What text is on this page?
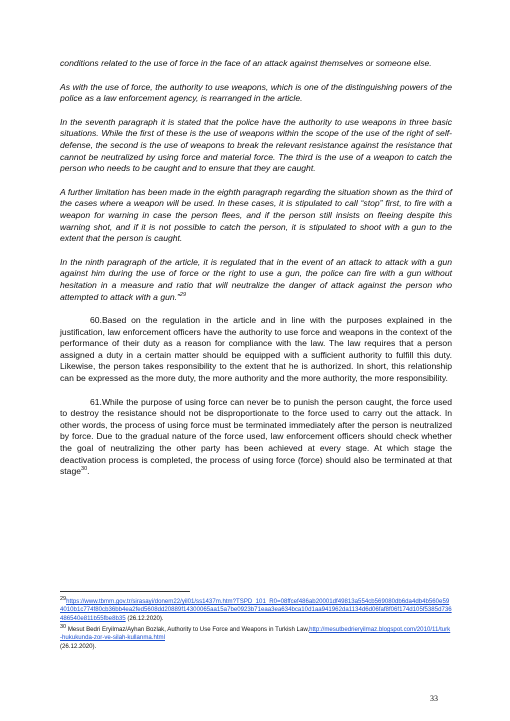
conditions related to the use of force in the face of an attack against themselves or someone else.

As with the use of force, the authority to use weapons, which is one of the distinguishing powers of the police as a law enforcement agency, is rearranged in the article.

In the seventh paragraph it is stated that the police have the authority to use weapons in three basic situations. While the first of these is the use of weapons within the scope of the use of the right of self-defense, the second is the use of weapons to break the relevant resistance against the resistance that cannot be neutralized by using force and material force. The third is the use of a weapon to catch the person who needs to be caught and to ensure that they are caught.

A further limitation has been made in the eighth paragraph regarding the situation shown as the third of the cases where a weapon will be used. In these cases, it is stipulated to call “stop” first, to fire with a weapon for warning in case the person flees, and if the person still insists on fleeing despite this warning shot, and if it is not possible to catch the person, it is stipulated to shoot with a gun to the extent that the person is caught.

In the ninth paragraph of the article, it is regulated that in the event of an attack to attack with a gun against him during the use of force or the right to use a gun, the police can fire with a gun without hesitation in a measure and ratio that will neutralize the danger of attack against the person who attempted to attack with a gun.”$^{29}$

60.Based on the regulation in the article and in line with the purposes explained in the justification, law enforcement officers have the authority to use force and weapons in the context of the performance of their duty as a reason for compliance with the law. The law requires that a person assigned a duty in a certain matter should be equipped with a sufficient authority to fulfill this duty. Likewise, the person takes responsibility to the extent that he is authorized. In short, this relationship can be expressed as the more duty, the more authority and the more authority, the more responsibility.

61.While the purpose of using force can never be to punish the person caught, the force used to destroy the resistance should not be disproportionate to the force used to carry out the attack. In other words, the process of using force must be terminated immediately after the person is neutralized by force. Due to the gradual nature of the force used, law enforcement officers should check whether the goal of neutralizing the other party has been achieved at every stage. At which stage the deactivation process is completed, the process of using force (force) should also be terminated at that stage$^{30}$.

$^{29}$https://www.tbmm.gov.tr/sirasayi/donem22/yil01/ss1437m.htm?TSPD_101_R0=08ffcef486ab20001df49813a554cb569080db6da4db4b560e594010b1c774f80cb36bb4ea2fed5608dd20889f14300065aa15a7be0923b71eaa3ea634bca10d1aa941962da1134d6d06faf8f06f174d105f5385d736486540e811b55fbe8b35 (26.12.2020).
$^{30}$ Mesut Bedri Eryilmaz/Ayhan Bozlak, Authority to Use Force and Weapons in Turkish Law,http://mesutbedrieryilmaz.blogspot.com/2010/11/turk-hukukunda-zor-ve-silah-kullanma.html
(26.12.2020).
33
